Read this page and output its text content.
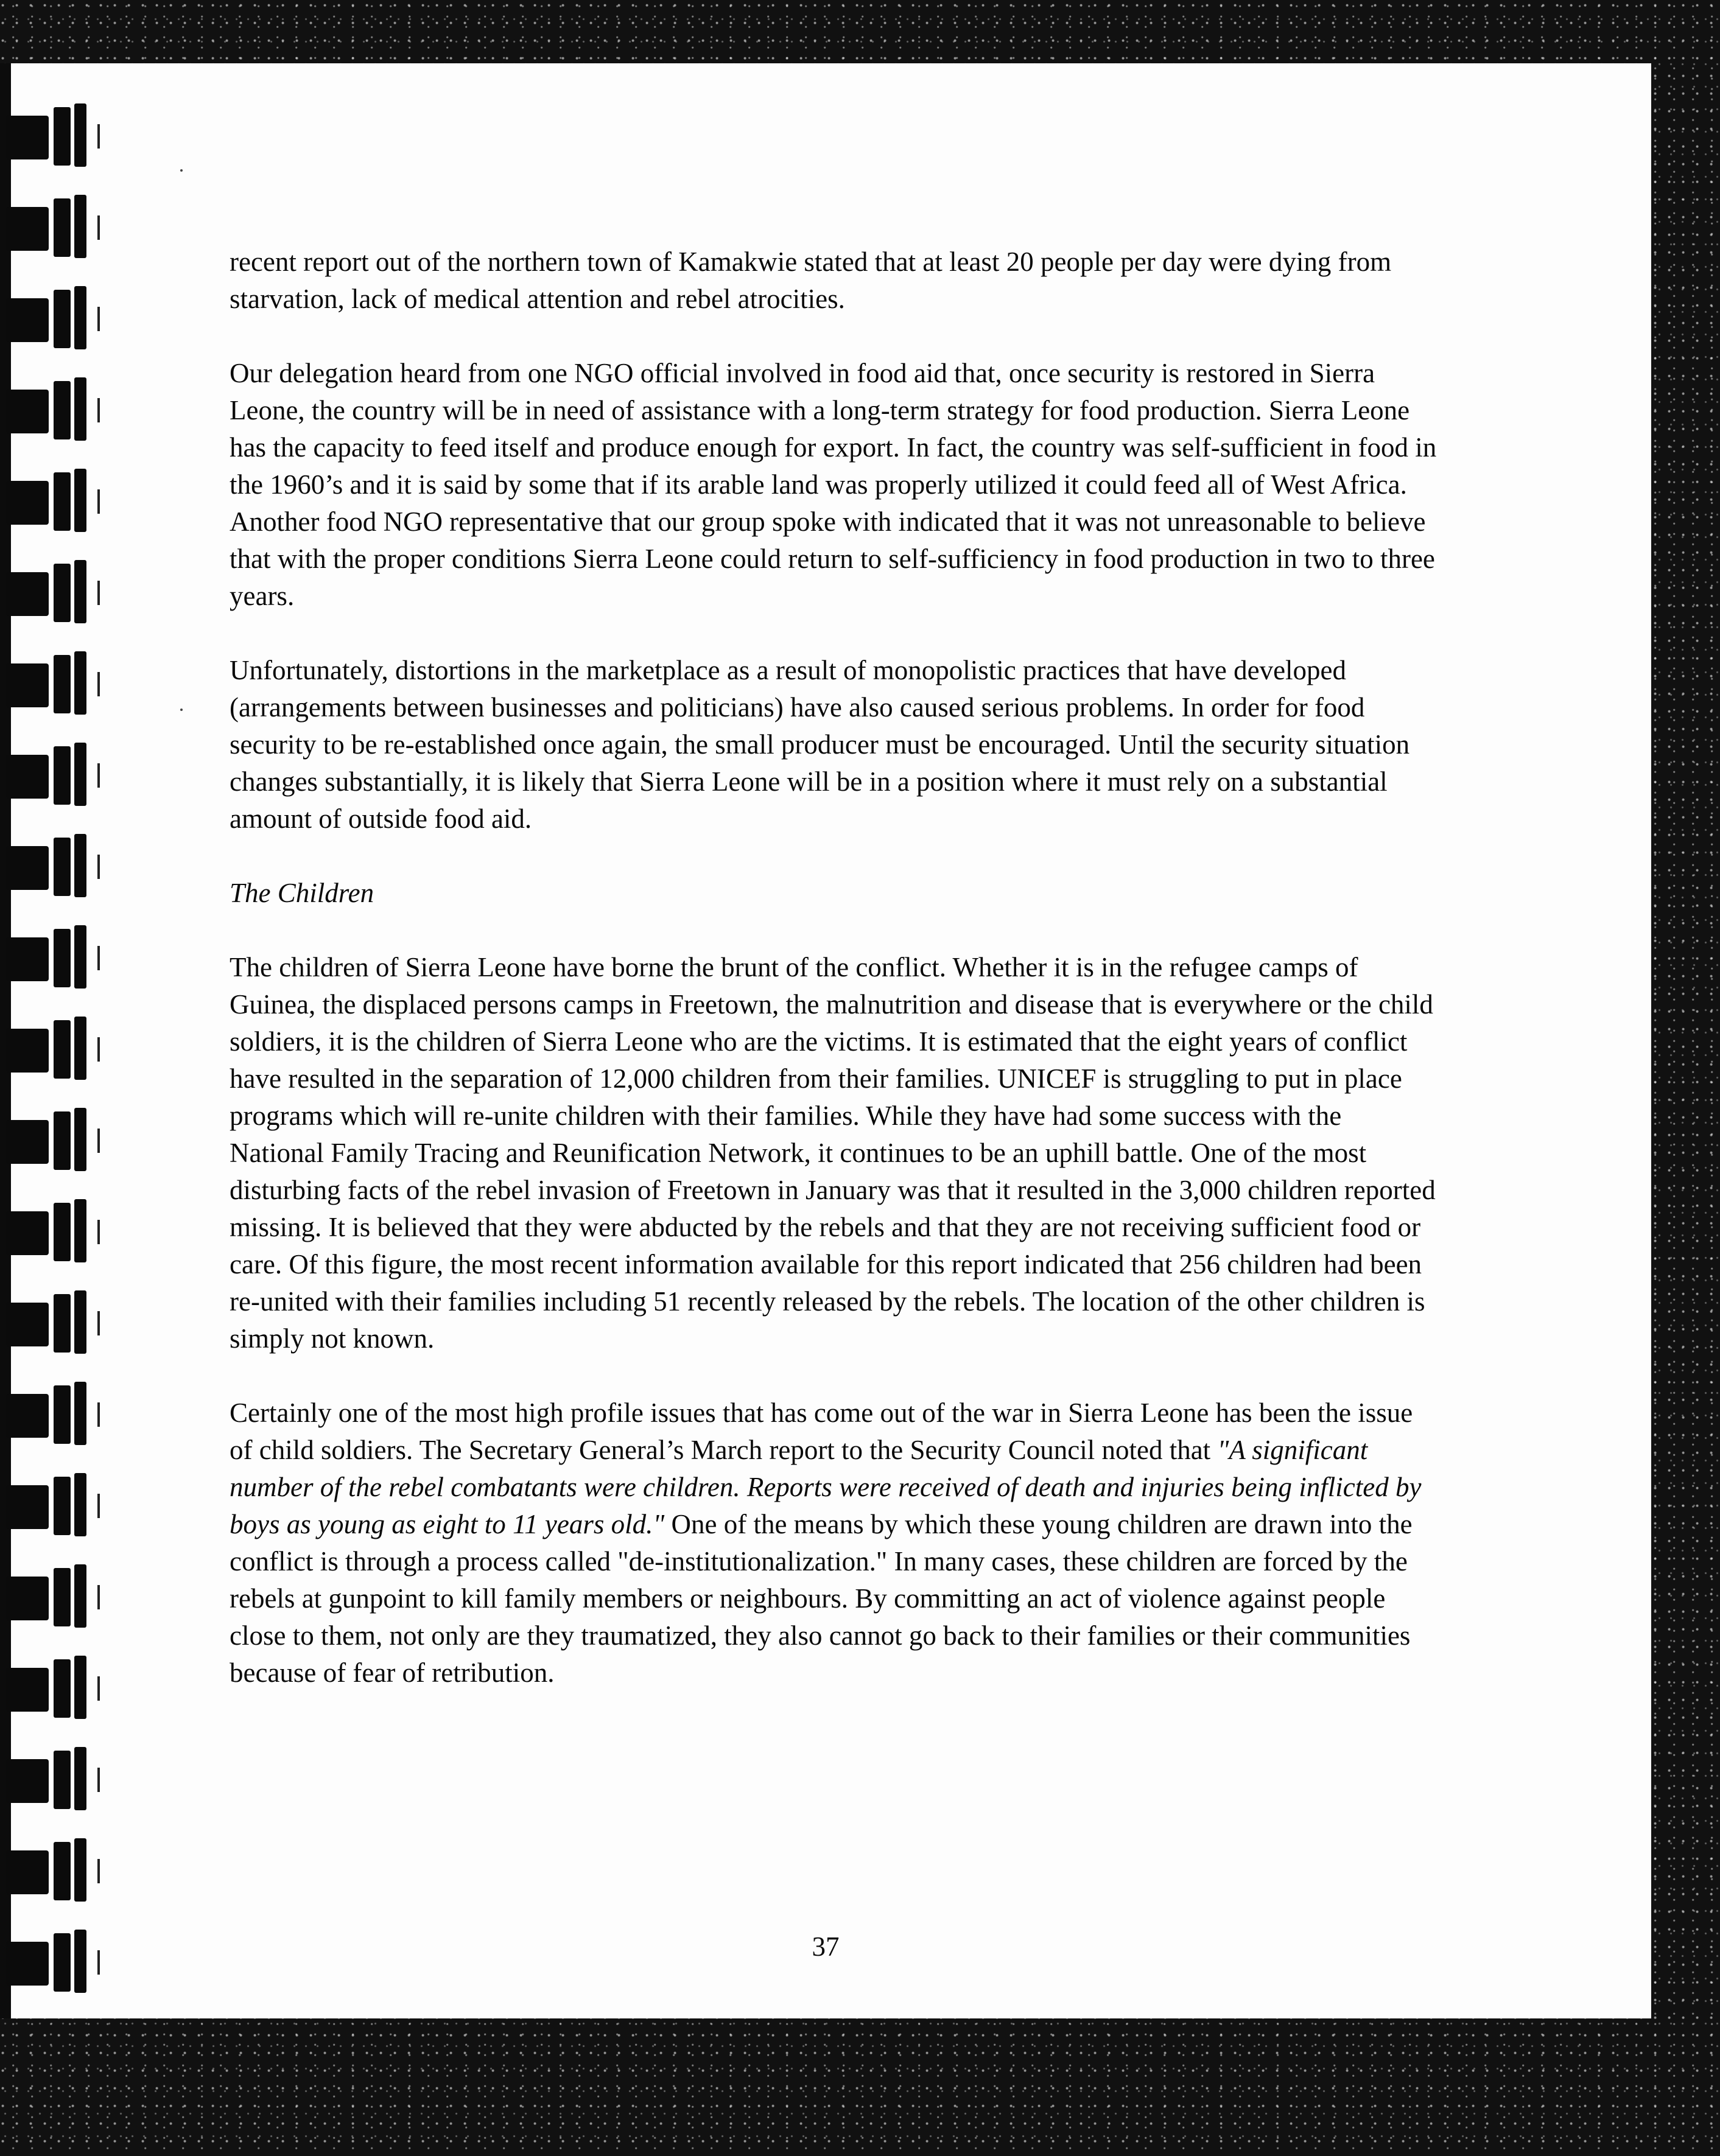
37

recent report out of the northern town of Kamakwie stated that at least 20 people per day were dying from starvation, lack of medical attention and rebel atrocities.

Our delegation heard from one NGO official involved in food aid that, once security is restored in Sierra Leone, the country will be in need of assistance with a long-term strategy for food production. Sierra Leone has the capacity to feed itself and produce enough for export. In fact, the country was self-sufficient in food in the 1960’s and it is said by some that if its arable land was properly utilized it could feed all of West Africa. Another food NGO representative that our group spoke with indicated that it was not unreasonable to believe that with the proper conditions Sierra Leone could return to self-sufficiency in food production in two to three years.

Unfortunately, distortions in the marketplace as a result of monopolistic practices that have developed (arrangements between businesses and politicians) have also caused serious problems. In order for food security to be re-established once again, the small producer must be encouraged. Until the security situation changes substantially, it is likely that Sierra Leone will be in a position where it must rely on a substantial amount of outside food aid.

The Children

The children of Sierra Leone have borne the brunt of the conflict. Whether it is in the refugee camps of Guinea, the displaced persons camps in Freetown, the malnutrition and disease that is everywhere or the child soldiers, it is the children of Sierra Leone who are the victims. It is estimated that the eight years of conflict have resulted in the separation of 12,000 children from their families. UNICEF is struggling to put in place programs which will re-unite children with their families. While they have had some success with the National Family Tracing and Reunification Network, it continues to be an uphill battle. One of the most disturbing facts of the rebel invasion of Freetown in January was that it resulted in the 3,000 children reported missing. It is believed that they were abducted by the rebels and that they are not receiving sufficient food or care. Of this figure, the most recent information available for this report indicated that 256 children had been re-united with their families including 51 recently released by the rebels. The location of the other children is simply not known.

Certainly one of the most high profile issues that has come out of the war in Sierra Leone has been the issue of child soldiers. The Secretary General’s March report to the Security Council noted that "A significant number of the rebel combatants were children. Reports were received of death and injuries being inflicted by boys as young as eight to 11 years old." One of the means by which these young children are drawn into the conflict is through a process called "de-institutionalization." In many cases, these children are forced by the rebels at gunpoint to kill family members or neighbours. By committing an act of violence against people close to them, not only are they traumatized, they also cannot go back to their families or their communities because of fear of retribution.
